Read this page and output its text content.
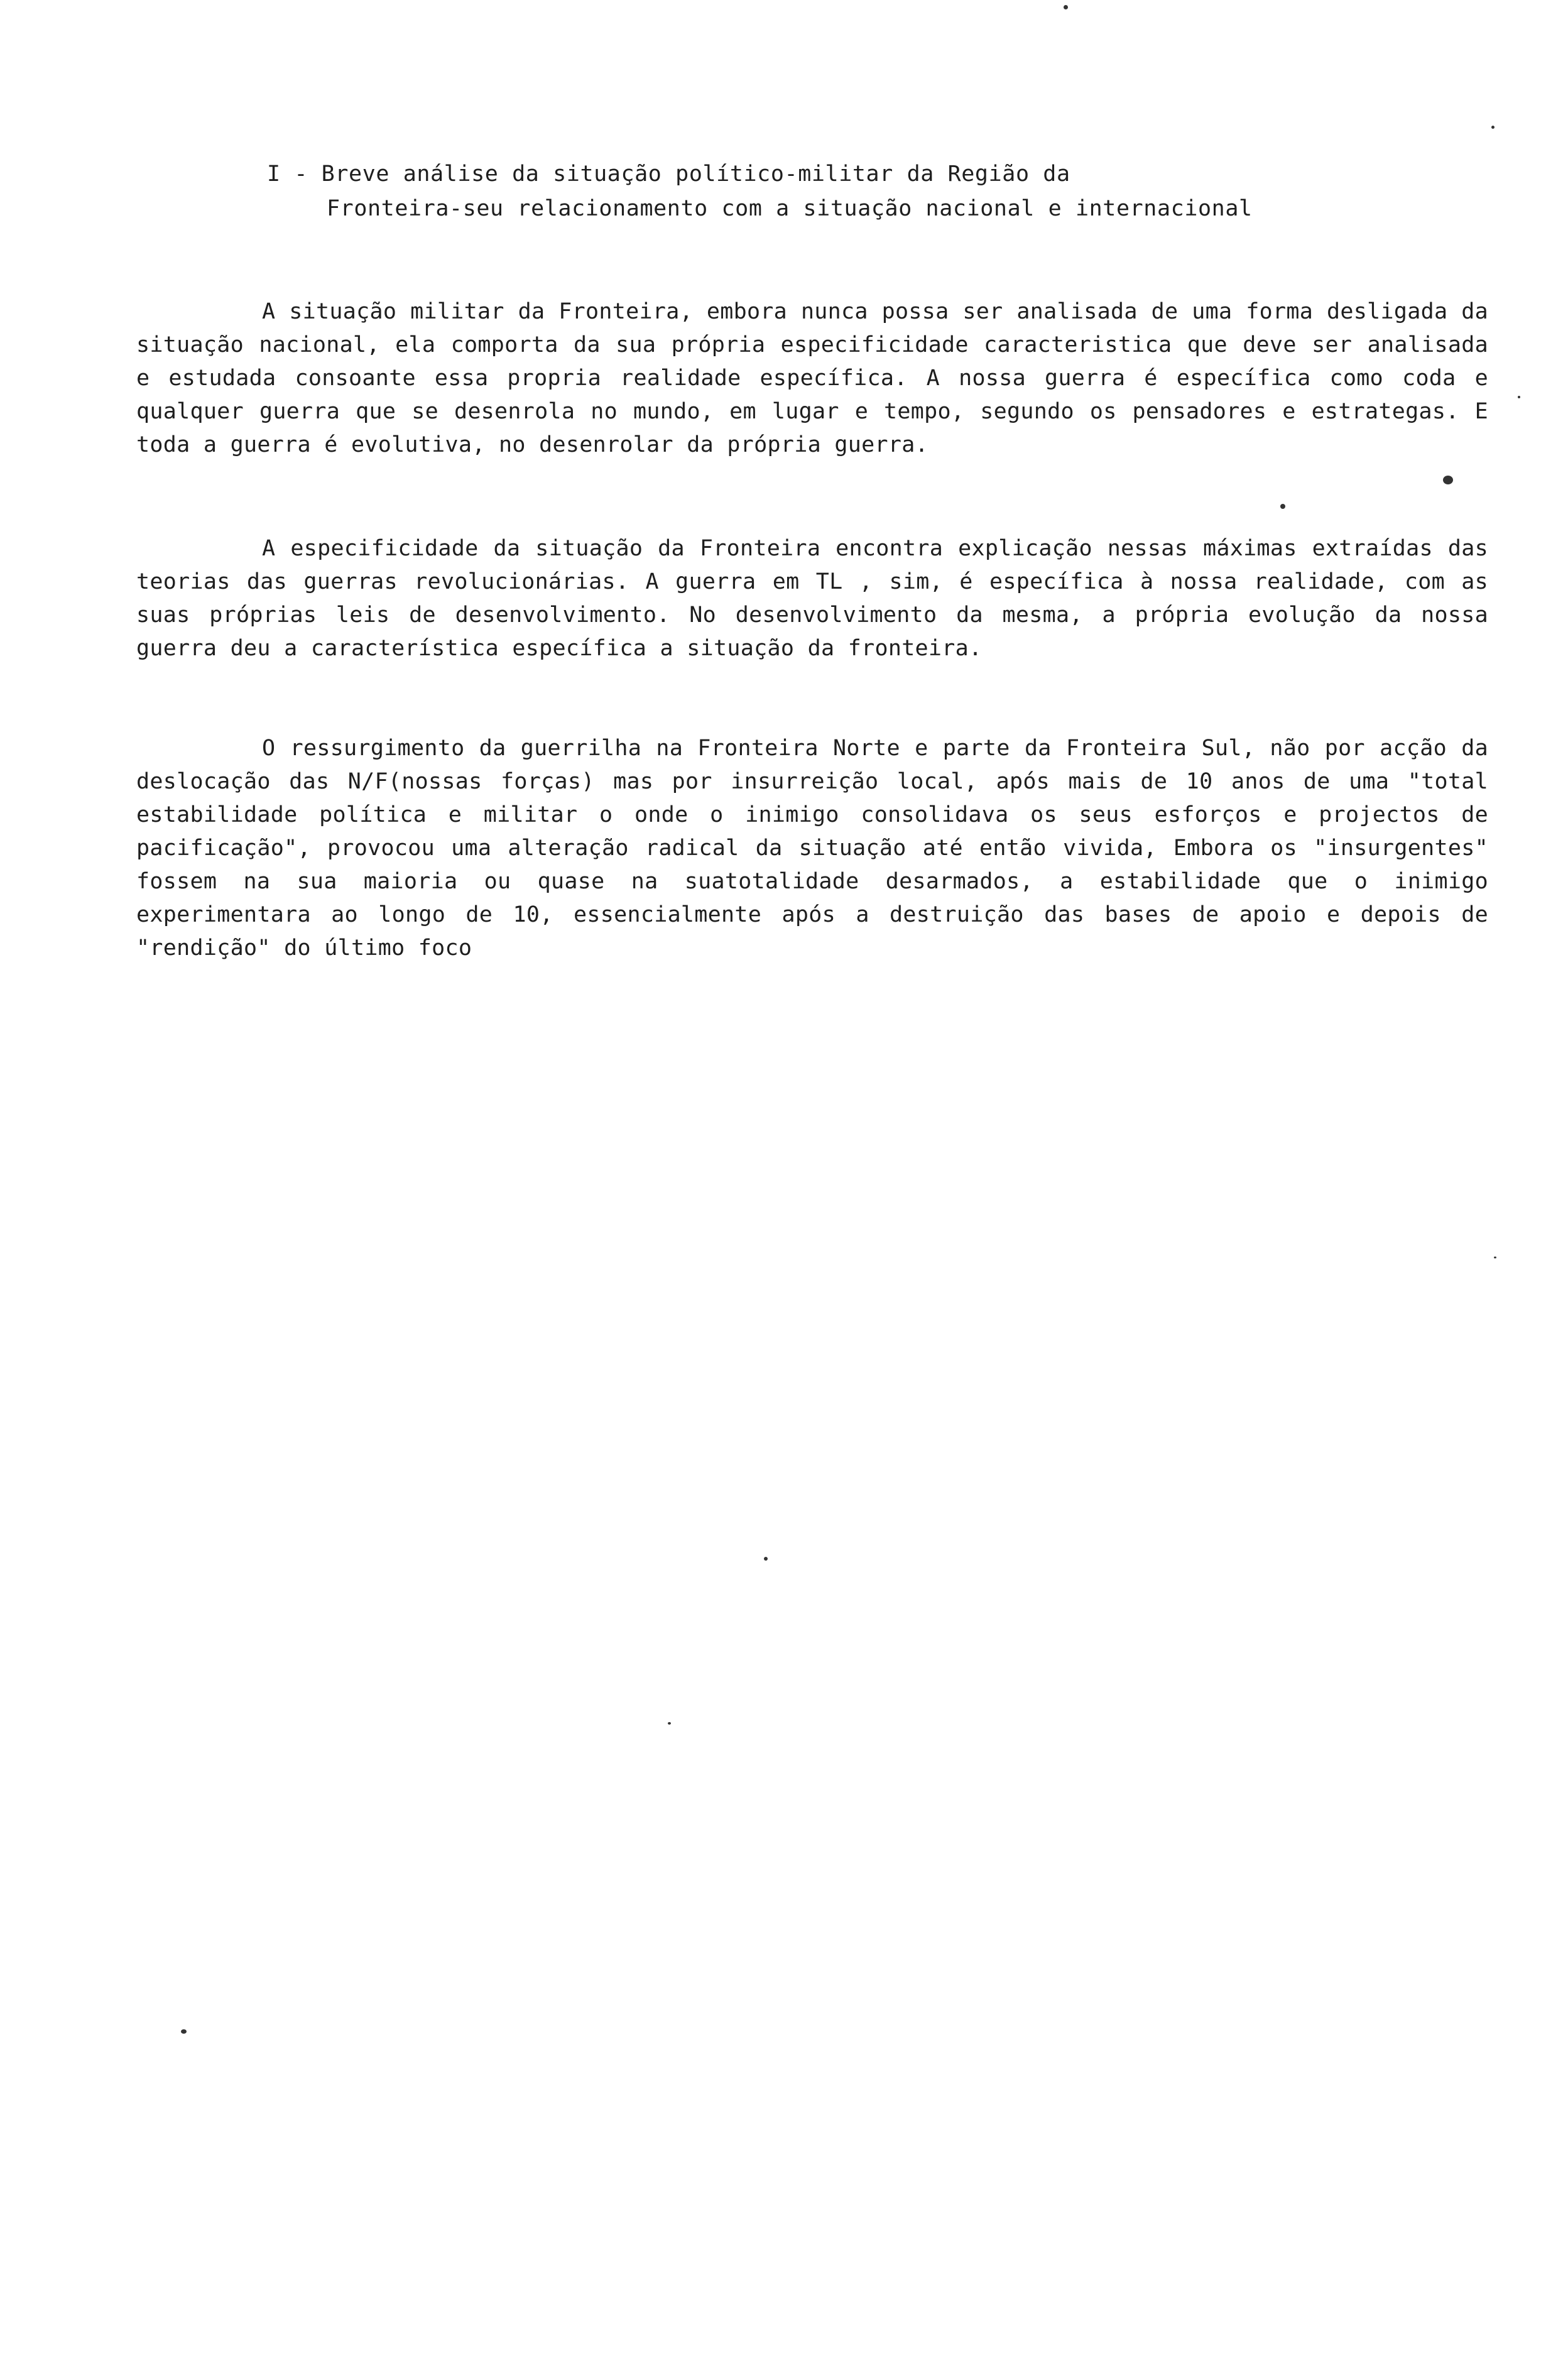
I - Breve análise da situação político-militar da Região da
Fronteira-seu relacionamento com a situação nacional e internacional

A situação militar da Fronteira, embora nunca possa ser analisada de uma forma desligada da situação nacional, ela comporta da sua própria especificidade caracteristica que deve ser analisada e estudada consoante essa propria realidade específica. A nossa guerra é específica como coda e qualquer guerra que se desenrola no mundo, em lugar e tempo, segundo os pensadores e estrategas. E toda a guerra é evolutiva, no desenrolar da própria guerra.

A especificidade da situação da Fronteira encontra explicação nessas máximas extraídas das teorias das guerras revolucionárias. A guerra em TL , sim, é específica à nossa realidade, com as suas próprias leis de desenvolvimento. No desenvolvimento da mesma, a própria evolução da nossa guerra deu a característica específica a situação da fronteira.

O ressurgimento da guerrilha na Fronteira Norte e parte da Fronteira Sul, não por acção da deslocação das N/F(nossas forças) mas por insurreição local, após mais de 10 anos de uma "total estabilidade política e militar o onde o inimigo consolidava os seus esforços e projectos de pacificação", provocou uma alteração radical da situação até então vivida, Embora os "insurgentes" fossem na sua maioria ou quase na suatotalidade desarmados, a estabilidade que o inimigo experimentara ao longo de 10, essencialmente após a destruição das bases de apoio e depois de "rendição" do último foco
